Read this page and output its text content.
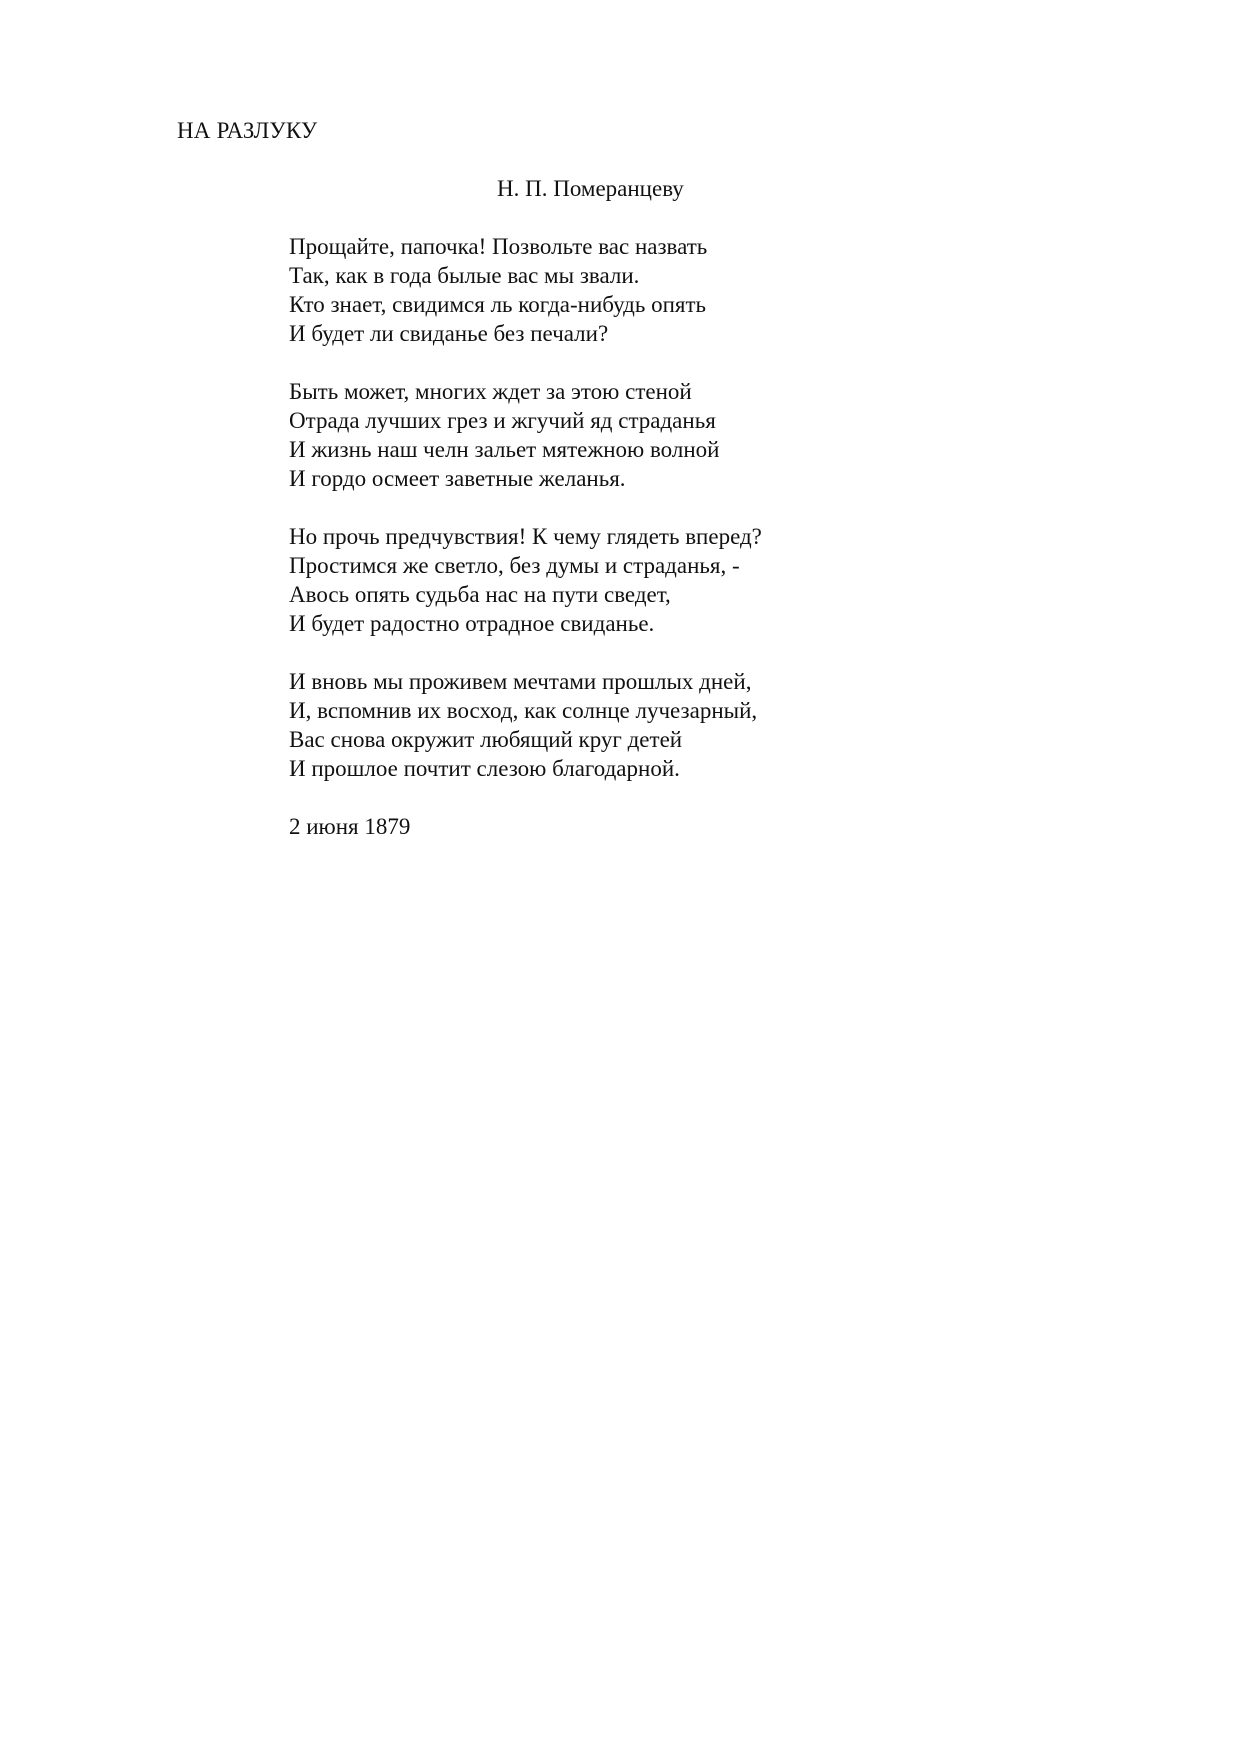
НА РАЗЛУКУ

Н. П. Померанцеву

Прощайте, папочка! Позвольте вас назвать
Так, как в года былые вас мы звали.
Кто знает, свидимся ль когда-нибудь опять
И будет ли свиданье без печали?
Быть может, многих ждет за этою стеной
Отрада лучших грез и жгучий яд страданья
И жизнь наш челн зальет мятежною волной
И гордо осмеет заветные желанья.
Но прочь предчувствия! К чему глядеть вперед?
Простимся же светло, без думы и страданья, -
Авось опять судьба нас на пути сведет,
И будет радостно отрадное свиданье.
И вновь мы проживем мечтами прошлых дней,
И, вспомнив их восход, как солнце лучезарный,
Вас снова окружит любящий круг детей
И прошлое почтит слезою благодарной.
2 июня 1879
